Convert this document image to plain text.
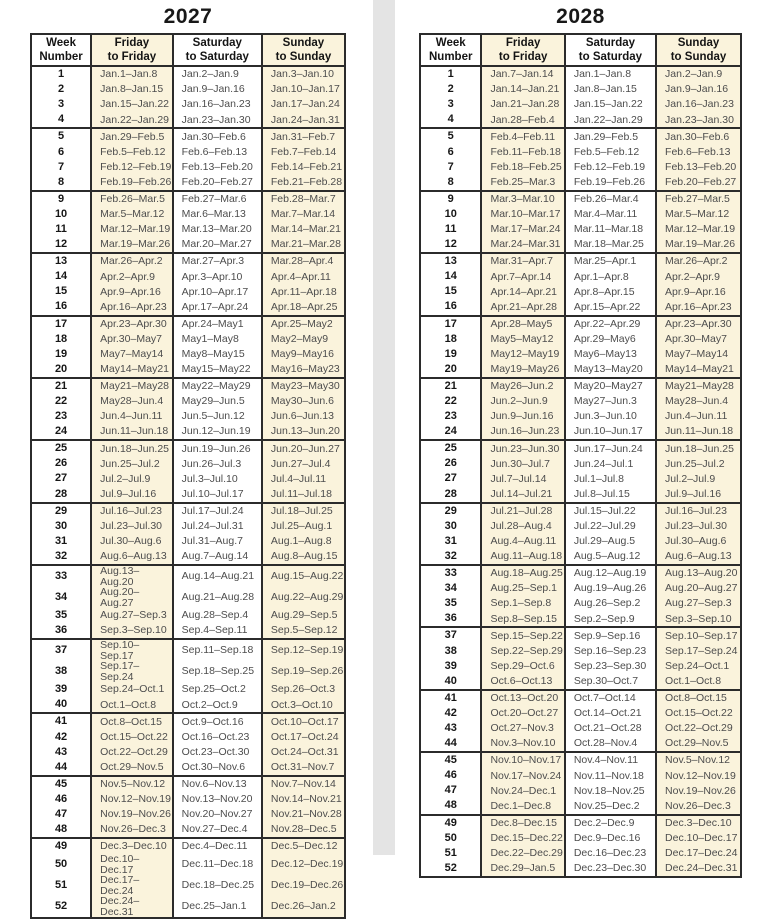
2027
Week
Number

Friday
to Friday

Saturday
to Saturday

Sunday
to Sunday

1	Jan.1–Jan.8	Jan.2–Jan.9	Jan.3–Jan.10
2	Jan.8–Jan.15	Jan.9–Jan.16	Jan.10–Jan.17
3	Jan.15–Jan.22	Jan.16–Jan.23	Jan.17–Jan.24
4	Jan.22–Jan.29	Jan.23–Jan.30	Jan.24–Jan.31
5	Jan.29–Feb.5	Jan.30–Feb.6	Jan.31–Feb.7
6	Feb.5–Feb.12	Feb.6–Feb.13	Feb.7–Feb.14
7	Feb.12–Feb.19	Feb.13–Feb.20	Feb.14–Feb.21
8	Feb.19–Feb.26	Feb.20–Feb.27	Feb.21–Feb.28
9	Feb.26–Mar.5	Feb.27–Mar.6	Feb.28–Mar.7
10	Mar.5–Mar.12	Mar.6–Mar.13	Mar.7–Mar.14
11	Mar.12–Mar.19	Mar.13–Mar.20	Mar.14–Mar.21
12	Mar.19–Mar.26	Mar.20–Mar.27	Mar.21–Mar.28
13	Mar.26–Apr.2	Mar.27–Apr.3	Mar.28–Apr.4
14	Apr.2–Apr.9	Apr.3–Apr.10	Apr.4–Apr.11
15	Apr.9–Apr.16	Apr.10–Apr.17	Apr.11–Apr.18
16	Apr.16–Apr.23	Apr.17–Apr.24	Apr.18–Apr.25
17	Apr.23–Apr.30	Apr.24–May1	Apr.25–May2
18	Apr.30–May7	May1–May8	May2–May9
19	May7–May14	May8–May15	May9–May16
20	May14–May21	May15–May22	May16–May23
21	May21–May28	May22–May29	May23–May30
22	May28–Jun.4	May29–Jun.5	May30–Jun.6
23	Jun.4–Jun.11	Jun.5–Jun.12	Jun.6–Jun.13
24	Jun.11–Jun.18	Jun.12–Jun.19	Jun.13–Jun.20
25	Jun.18–Jun.25	Jun.19–Jun.26	Jun.20–Jun.27
26	Jun.25–Jul.2	Jun.26–Jul.3	Jun.27–Jul.4
27	Jul.2–Jul.9	Jul.3–Jul.10	Jul.4–Jul.11
28	Jul.9–Jul.16	Jul.10–Jul.17	Jul.11–Jul.18
29	Jul.16–Jul.23	Jul.17–Jul.24	Jul.18–Jul.25
30	Jul.23–Jul.30	Jul.24–Jul.31	Jul.25–Aug.1
31	Jul.30–Aug.6	Jul.31–Aug.7	Aug.1–Aug.8
32	Aug.6–Aug.13	Aug.7–Aug.14	Aug.8–Aug.15
33	Aug.13–Aug.20	Aug.14–Aug.21	Aug.15–Aug.22
34	Aug.20–Aug.27	Aug.21–Aug.28	Aug.22–Aug.29
35	Aug.27–Sep.3	Aug.28–Sep.4	Aug.29–Sep.5
36	Sep.3–Sep.10	Sep.4–Sep.11	Sep.5–Sep.12
37	Sep.10–Sep.17	Sep.11–Sep.18	Sep.12–Sep.19
38	Sep.17–Sep.24	Sep.18–Sep.25	Sep.19–Sep.26
39	Sep.24–Oct.1	Sep.25–Oct.2	Sep.26–Oct.3
40	Oct.1–Oct.8	Oct.2–Oct.9	Oct.3–Oct.10
41	Oct.8–Oct.15	Oct.9–Oct.16	Oct.10–Oct.17
42	Oct.15–Oct.22	Oct.16–Oct.23	Oct.17–Oct.24
43	Oct.22–Oct.29	Oct.23–Oct.30	Oct.24–Oct.31
44	Oct.29–Nov.5	Oct.30–Nov.6	Oct.31–Nov.7
45	Nov.5–Nov.12	Nov.6–Nov.13	Nov.7–Nov.14
46	Nov.12–Nov.19	Nov.13–Nov.20	Nov.14–Nov.21
47	Nov.19–Nov.26	Nov.20–Nov.27	Nov.21–Nov.28
48	Nov.26–Dec.3	Nov.27–Dec.4	Nov.28–Dec.5
49	Dec.3–Dec.10	Dec.4–Dec.11	Dec.5–Dec.12
50	Dec.10–Dec.17	Dec.11–Dec.18	Dec.12–Dec.19
51	Dec.17–Dec.24	Dec.18–Dec.25	Dec.19–Dec.26
52	Dec.24–Dec.31	Dec.25–Jan.1	Dec.26–Jan.2
2028
Week
Number

Friday
to Friday

Saturday
to Saturday

Sunday
to Sunday

1	Jan.7–Jan.14	Jan.1–Jan.8	Jan.2–Jan.9
2	Jan.14–Jan.21	Jan.8–Jan.15	Jan.9–Jan.16
3	Jan.21–Jan.28	Jan.15–Jan.22	Jan.16–Jan.23
4	Jan.28–Feb.4	Jan.22–Jan.29	Jan.23–Jan.30
5	Feb.4–Feb.11	Jan.29–Feb.5	Jan.30–Feb.6
6	Feb.11–Feb.18	Feb.5–Feb.12	Feb.6–Feb.13
7	Feb.18–Feb.25	Feb.12–Feb.19	Feb.13–Feb.20
8	Feb.25–Mar.3	Feb.19–Feb.26	Feb.20–Feb.27
9	Mar.3–Mar.10	Feb.26–Mar.4	Feb.27–Mar.5
10	Mar.10–Mar.17	Mar.4–Mar.11	Mar.5–Mar.12
11	Mar.17–Mar.24	Mar.11–Mar.18	Mar.12–Mar.19
12	Mar.24–Mar.31	Mar.18–Mar.25	Mar.19–Mar.26
13	Mar.31–Apr.7	Mar.25–Apr.1	Mar.26–Apr.2
14	Apr.7–Apr.14	Apr.1–Apr.8	Apr.2–Apr.9
15	Apr.14–Apr.21	Apr.8–Apr.15	Apr.9–Apr.16
16	Apr.21–Apr.28	Apr.15–Apr.22	Apr.16–Apr.23
17	Apr.28–May5	Apr.22–Apr.29	Apr.23–Apr.30
18	May5–May12	Apr.29–May6	Apr.30–May7
19	May12–May19	May6–May13	May7–May14
20	May19–May26	May13–May20	May14–May21
21	May26–Jun.2	May20–May27	May21–May28
22	Jun.2–Jun.9	May27–Jun.3	May28–Jun.4
23	Jun.9–Jun.16	Jun.3–Jun.10	Jun.4–Jun.11
24	Jun.16–Jun.23	Jun.10–Jun.17	Jun.11–Jun.18
25	Jun.23–Jun.30	Jun.17–Jun.24	Jun.18–Jun.25
26	Jun.30–Jul.7	Jun.24–Jul.1	Jun.25–Jul.2
27	Jul.7–Jul.14	Jul.1–Jul.8	Jul.2–Jul.9
28	Jul.14–Jul.21	Jul.8–Jul.15	Jul.9–Jul.16
29	Jul.21–Jul.28	Jul.15–Jul.22	Jul.16–Jul.23
30	Jul.28–Aug.4	Jul.22–Jul.29	Jul.23–Jul.30
31	Aug.4–Aug.11	Jul.29–Aug.5	Jul.30–Aug.6
32	Aug.11–Aug.18	Aug.5–Aug.12	Aug.6–Aug.13
33	Aug.18–Aug.25	Aug.12–Aug.19	Aug.13–Aug.20
34	Aug.25–Sep.1	Aug.19–Aug.26	Aug.20–Aug.27
35	Sep.1–Sep.8	Aug.26–Sep.2	Aug.27–Sep.3
36	Sep.8–Sep.15	Sep.2–Sep.9	Sep.3–Sep.10
37	Sep.15–Sep.22	Sep.9–Sep.16	Sep.10–Sep.17
38	Sep.22–Sep.29	Sep.16–Sep.23	Sep.17–Sep.24
39	Sep.29–Oct.6	Sep.23–Sep.30	Sep.24–Oct.1
40	Oct.6–Oct.13	Sep.30–Oct.7	Oct.1–Oct.8
41	Oct.13–Oct.20	Oct.7–Oct.14	Oct.8–Oct.15
42	Oct.20–Oct.27	Oct.14–Oct.21	Oct.15–Oct.22
43	Oct.27–Nov.3	Oct.21–Oct.28	Oct.22–Oct.29
44	Nov.3–Nov.10	Oct.28–Nov.4	Oct.29–Nov.5
45	Nov.10–Nov.17	Nov.4–Nov.11	Nov.5–Nov.12
46	Nov.17–Nov.24	Nov.11–Nov.18	Nov.12–Nov.19
47	Nov.24–Dec.1	Nov.18–Nov.25	Nov.19–Nov.26
48	Dec.1–Dec.8	Nov.25–Dec.2	Nov.26–Dec.3
49	Dec.8–Dec.15	Dec.2–Dec.9	Dec.3–Dec.10
50	Dec.15–Dec.22	Dec.9–Dec.16	Dec.10–Dec.17
51	Dec.22–Dec.29	Dec.16–Dec.23	Dec.17–Dec.24
52	Dec.29–Jan.5	Dec.23–Dec.30	Dec.24–Dec.31
